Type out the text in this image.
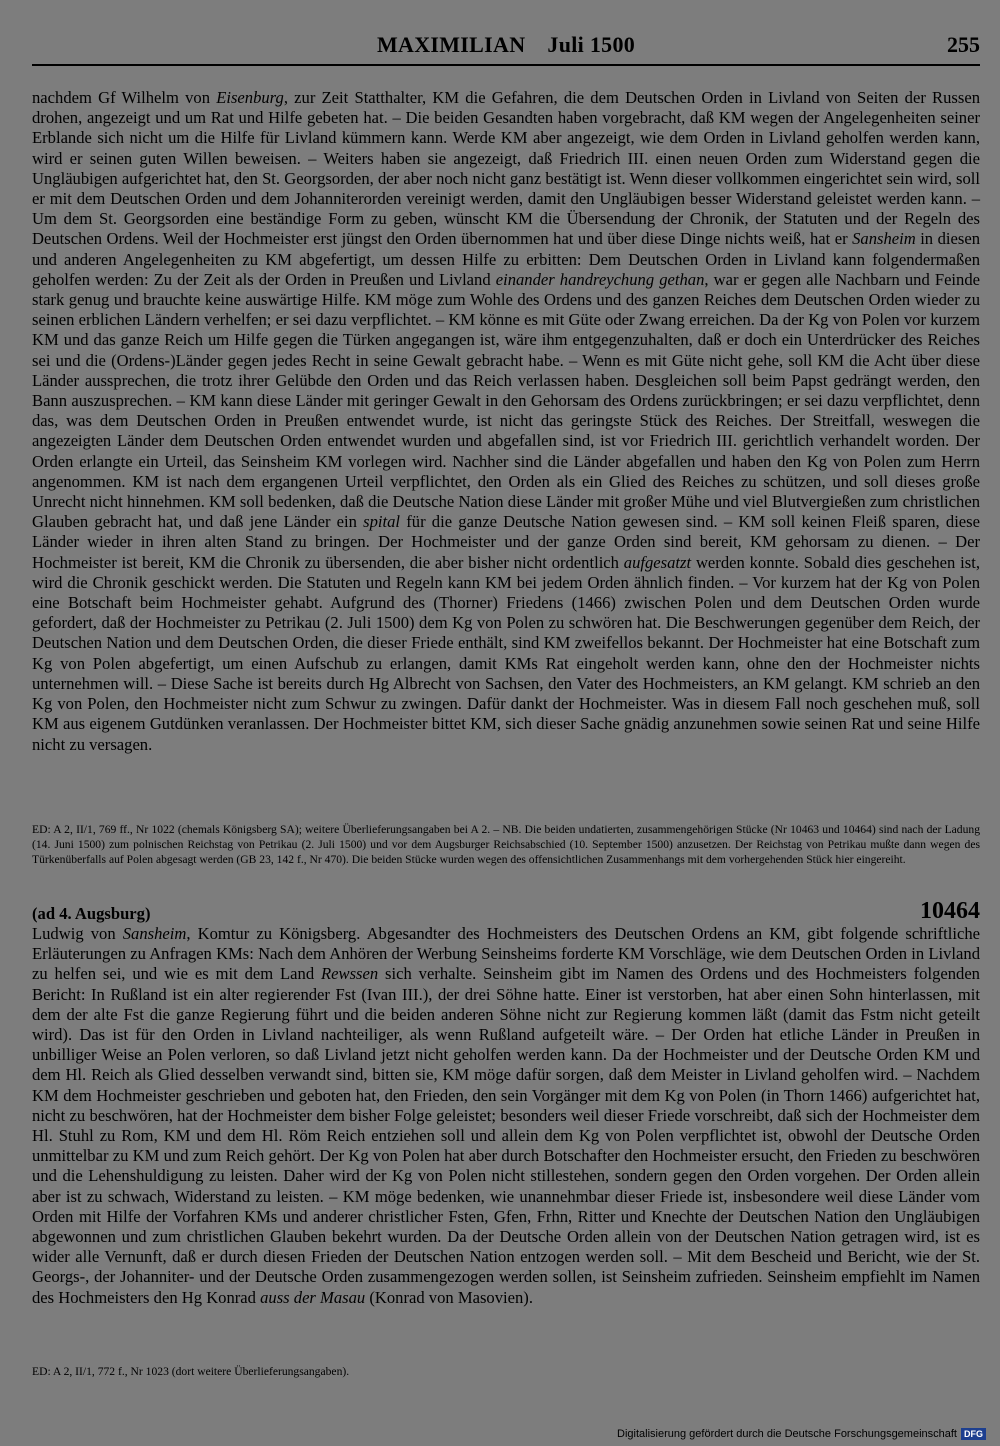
MAXIMILIAN Juli 1500	255
nachdem Gf Wilhelm von Eisenburg, zur Zeit Statthalter, KM die Gefahren, die dem Deutschen Orden in Livland von Seiten der Russen drohen, angezeigt und um Rat und Hilfe gebeten hat. – Die beiden Gesandten haben vorgebracht, daß KM wegen der Angelegenheiten seiner Erblande sich nicht um die Hilfe für Livland kümmern kann. Werde KM aber angezeigt, wie dem Orden in Livland geholfen werden kann, wird er seinen guten Willen beweisen. – Weiters haben sie angezeigt, daß Friedrich III. einen neuen Orden zum Widerstand gegen die Ungläubigen aufgerichtet hat, den St. Georgsorden, der aber noch nicht ganz bestätigt ist. Wenn dieser vollkommen eingerichtet sein wird, soll er mit dem Deutschen Orden und dem Johanniterorden vereinigt werden, damit den Ungläubigen besser Widerstand geleistet werden kann. – Um dem St. Georgsorden eine beständige Form zu geben, wünscht KM die Übersendung der Chronik, der Statuten und der Regeln des Deutschen Ordens. Weil der Hochmeister erst jüngst den Orden übernommen hat und über diese Dinge nichts weiß, hat er Sansheim in diesen und anderen Angelegenheiten zu KM abgefertigt, um dessen Hilfe zu erbitten: Dem Deutschen Orden in Livland kann folgendermaßen geholfen werden: Zu der Zeit als der Orden in Preußen und Livland einander handreychung gethan, war er gegen alle Nachbarn und Feinde stark genug und brauchte keine auswärtige Hilfe. KM möge zum Wohle des Ordens und des ganzen Reiches dem Deutschen Orden wieder zu seinen erblichen Ländern verhelfen; er sei dazu verpflichtet. – KM könne es mit Güte oder Zwang erreichen. Da der Kg von Polen vor kurzem KM und das ganze Reich um Hilfe gegen die Türken angegangen ist, wäre ihm entgegenzuhalten, daß er doch ein Unterdrücker des Reiches sei und die (Ordens-)Länder gegen jedes Recht in seine Gewalt gebracht habe. – Wenn es mit Güte nicht gehe, soll KM die Acht über diese Länder aussprechen, die trotz ihrer Gelübde den Orden und das Reich verlassen haben. Desgleichen soll beim Papst gedrängt werden, den Bann auszusprechen. – KM kann diese Länder mit geringer Gewalt in den Gehorsam des Ordens zurückbringen; er sei dazu verpflichtet, denn das, was dem Deutschen Orden in Preußen entwendet wurde, ist nicht das geringste Stück des Reiches. Der Streitfall, weswegen die angezeigten Länder dem Deutschen Orden entwendet wurden und abgefallen sind, ist vor Friedrich III. gerichtlich verhandelt worden. Der Orden erlangte ein Urteil, das Seinsheim KM vorlegen wird. Nachher sind die Länder abgefallen und haben den Kg von Polen zum Herrn angenommen. KM ist nach dem ergangenen Urteil verpflichtet, den Orden als ein Glied des Reiches zu schützen, und soll dieses große Unrecht nicht hinnehmen. KM soll bedenken, daß die Deutsche Nation diese Länder mit großer Mühe und viel Blutvergießen zum christlichen Glauben gebracht hat, und daß jene Länder ein spital für die ganze Deutsche Nation gewesen sind. – KM soll keinen Fleiß sparen, diese Länder wieder in ihren alten Stand zu bringen. Der Hochmeister und der ganze Orden sind bereit, KM gehorsam zu dienen. – Der Hochmeister ist bereit, KM die Chronik zu übersenden, die aber bisher nicht ordentlich aufgesatzt werden konnte. Sobald dies geschehen ist, wird die Chronik geschickt werden. Die Statuten und Regeln kann KM bei jedem Orden ähnlich finden. – Vor kurzem hat der Kg von Polen eine Botschaft beim Hochmeister gehabt. Aufgrund des (Thorner) Friedens (1466) zwischen Polen und dem Deutschen Orden wurde gefordert, daß der Hochmeister zu Petrikau (2. Juli 1500) dem Kg von Polen zu schwören hat. Die Beschwerungen gegenüber dem Reich, der Deutschen Nation und dem Deutschen Orden, die dieser Friede enthält, sind KM zweifellos bekannt. Der Hochmeister hat eine Botschaft zum Kg von Polen abgefertigt, um einen Aufschub zu erlangen, damit KMs Rat eingeholt werden kann, ohne den der Hochmeister nichts unternehmen will. – Diese Sache ist bereits durch Hg Albrecht von Sachsen, den Vater des Hochmeisters, an KM gelangt. KM schrieb an den Kg von Polen, den Hochmeister nicht zum Schwur zu zwingen. Dafür dankt der Hochmeister. Was in diesem Fall noch geschehen muß, soll KM aus eigenem Gutdünken veranlassen. Der Hochmeister bittet KM, sich dieser Sache gnädig anzunehmen sowie seinen Rat und seine Hilfe nicht zu versagen.
ED: A 2, II/1, 769 ff., Nr 1022 (chemals Königsberg SA); weitere Überlieferungsangaben bei A 2. – NB. Die beiden undatierten, zusammengehörigen Stücke (Nr 10463 und 10464) sind nach der Ladung (14. Juni 1500) zum polnischen Reichstag von Petrikau (2. Juli 1500) und vor dem Augsburger Reichsabschied (10. September 1500) anzusetzen. Der Reichstag von Petrikau mußte dann wegen des Türkenüberfalls auf Polen abgesagt werden (GB 23, 142 f., Nr 470). Die beiden Stücke wurden wegen des offensichtlichen Zusammenhangs mit dem vorhergehenden Stück hier eingereiht.
(ad 4. Augsburg)	10464
Ludwig von Sansheim, Komtur zu Königsberg. Abgesandter des Hochmeisters des Deutschen Ordens an KM, gibt folgende schriftliche Erläuterungen zu Anfragen KMs: Nach dem Anhören der Werbung Seinsheims forderte KM Vorschläge, wie dem Deutschen Orden in Livland zu helfen sei, und wie es mit dem Land Rewssen sich verhalte. Seinsheim gibt im Namen des Ordens und des Hochmeisters folgenden Bericht: In Rußland ist ein alter regierender Fst (Ivan III.), der drei Söhne hatte. Einer ist verstorben, hat aber einen Sohn hinterlassen, mit dem der alte Fst die ganze Regierung führt und die beiden anderen Söhne nicht zur Regierung kommen läßt (damit das Fstm nicht geteilt wird). Das ist für den Orden in Livland nachteiliger, als wenn Rußland aufgeteilt wäre. – Der Orden hat etliche Länder in Preußen in unbilliger Weise an Polen verloren, so daß Livland jetzt nicht geholfen werden kann. Da der Hochmeister und der Deutsche Orden KM und dem Hl. Reich als Glied desselben verwandt sind, bitten sie, KM möge dafür sorgen, daß dem Meister in Livland geholfen wird. – Nachdem KM dem Hochmeister geschrieben und geboten hat, den Frieden, den sein Vorgänger mit dem Kg von Polen (in Thorn 1466) aufgerichtet hat, nicht zu beschwören, hat der Hochmeister dem bisher Folge geleistet; besonders weil dieser Friede vorschreibt, daß sich der Hochmeister dem Hl. Stuhl zu Rom, KM und dem Hl. Röm Reich entziehen soll und allein dem Kg von Polen verpflichtet ist, obwohl der Deutsche Orden unmittelbar zu KM und zum Reich gehört. Der Kg von Polen hat aber durch Botschafter den Hochmeister ersucht, den Frieden zu beschwören und die Lehenshuldigung zu leisten. Daher wird der Kg von Polen nicht stillestehen, sondern gegen den Orden vorgehen. Der Orden allein aber ist zu schwach, Widerstand zu leisten. – KM möge bedenken, wie unannehmbar dieser Friede ist, insbesondere weil diese Länder vom Orden mit Hilfe der Vorfahren KMs und anderer christlicher Fsten, Gfen, Frhn, Ritter und Knechte der Deutschen Nation den Ungläubigen abgewonnen und zum christlichen Glauben bekehrt wurden. Da der Deutsche Orden allein von der Deutschen Nation getragen wird, ist es wider alle Vernunft, daß er durch diesen Frieden der Deutschen Nation entzogen werden soll. – Mit dem Bescheid und Bericht, wie der St. Georgs-, der Johanniter- und der Deutsche Orden zusammengezogen werden sollen, ist Seinsheim zufrieden. Seinsheim empfiehlt im Namen des Hochmeisters den Hg Konrad auss der Masau (Konrad von Masovien).
ED: A 2, II/1, 772 f., Nr 1023 (dort weitere Überlieferungsangaben).
Digitalisierung gefördert durch die Deutsche Forschungsgemeinschaft DFG
